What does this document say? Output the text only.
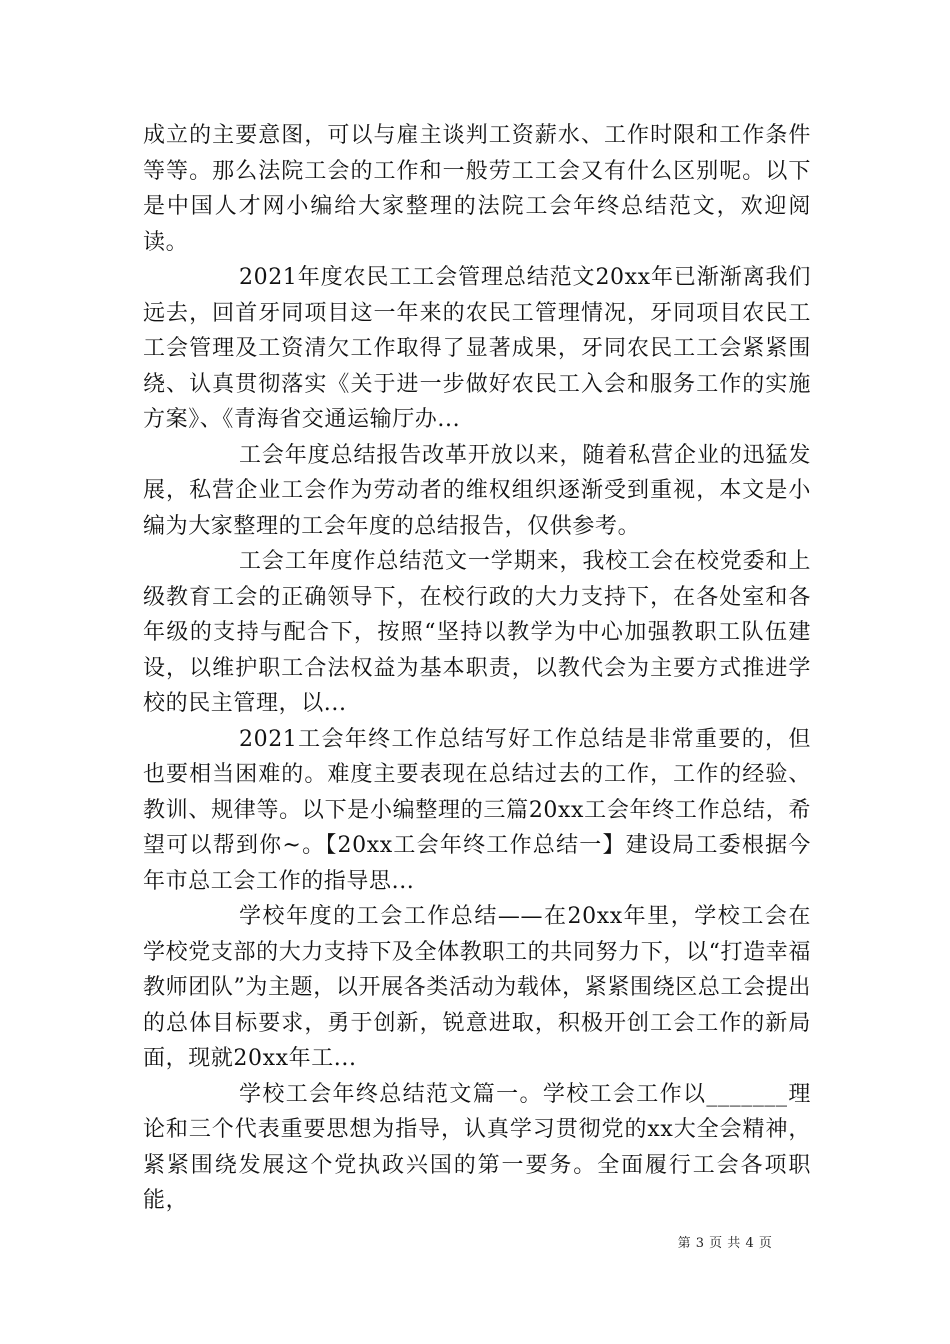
成立的主要意图，可以与雇主谈判工资薪水、工作时限和工作条件等等。那么法院工会的工作和一般劳工工会又有什么区别呢。以下是中国人才网小编给大家整理的法院工会年终总结范文，欢迎阅读。

2021年度农民工工会管理总结范文20xx年已渐渐离我们远去，回首牙同项目这一年来的农民工管理情况，牙同项目农民工工会管理及工资清欠工作取得了显著成果，牙同农民工工会紧紧围绕、认真贯彻落实《关于进一步做好农民工入会和服务工作的实施方案》、《青海省交通运输厅办...

工会年度总结报告改革开放以来，随着私营企业的迅猛发展，私营企业工会作为劳动者的维权组织逐渐受到重视，本文是小编为大家整理的工会年度的总结报告，仅供参考。

工会工年度作总结范文一学期来，我校工会在校党委和上级教育工会的正确领导下，在校行政的大力支持下，在各处室和各年级的支持与配合下，按照“坚持以教学为中心加强教职工队伍建设，以维护职工合法权益为基本职责，以教代会为主要方式推进学校的民主管理，以...

2021工会年终工作总结写好工作总结是非常重要的，但也要相当困难的。难度主要表现在总结过去的工作，工作的经验、教训、规律等。以下是小编整理的三篇20xx工会年终工作总结，希望可以帮到你~。【20xx工会年终工作总结一】建设局工委根据今年市总工会工作的指导思...

学校年度的工会工作总结——在20xx年里，学校工会在学校党支部的大力支持下及全体教职工的共同努力下，以“打造幸福教师团队”为主题，以开展各类活动为载体，紧紧围绕区总工会提出的总体目标要求，勇于创新，锐意进取，积极开创工会工作的新局面，现就20xx年工...

学校工会年终总结范文篇一。学校工会工作以_______理论和三个代表重要思想为指导，认真学习贯彻党的xx大全会精神，紧紧围绕发展这个党执政兴国的第一要务。全面履行工会各项职能，

第 3 页 共 4 页
